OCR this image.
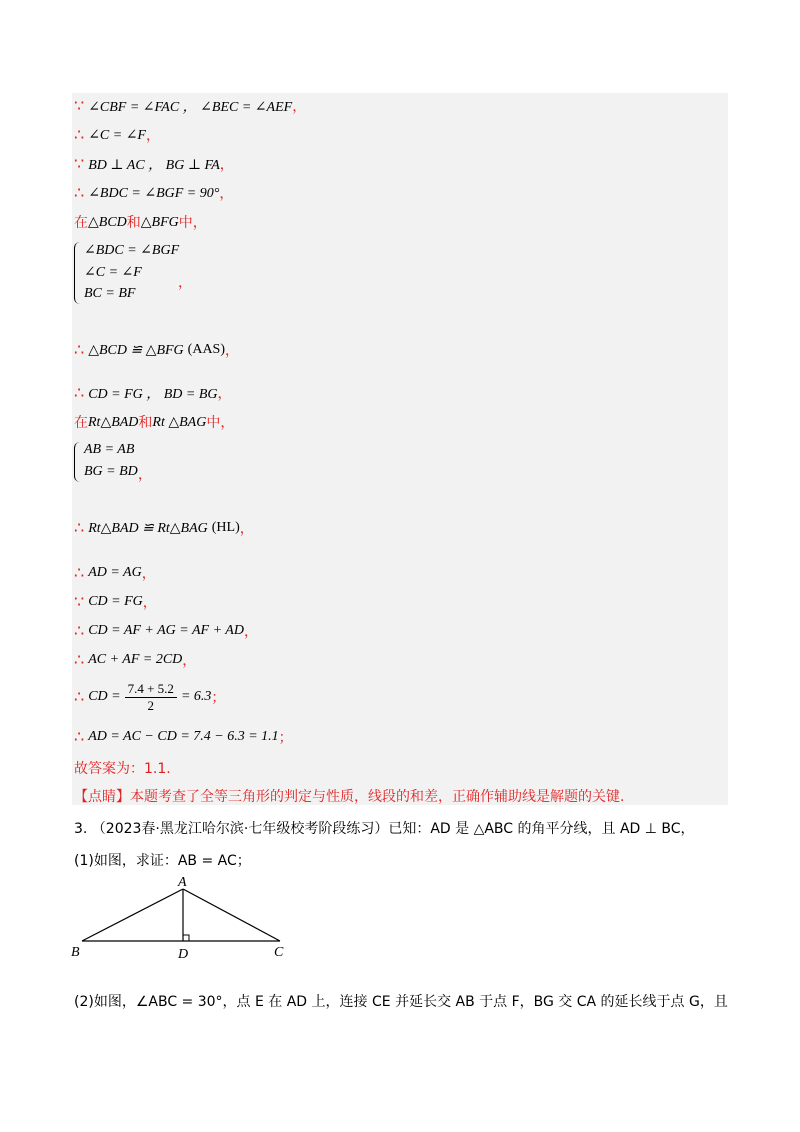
∵ ∠CBF = ∠FAC ， ∠BEC = ∠AEF ，
∴ ∠C = ∠F ，
∵ BD ⊥ AC ， BG ⊥ FA ，
∴ ∠BDC = ∠BGF = 90° ，
在 △BCD 和 △BFG 中，
∠BDC = ∠BGF
∠C = ∠F
BC = BF
，
∴ △BCD ≌ △BFG (AAS) ，
∴ CD = FG ， BD = BG ，
在 Rt△BAD 和 Rt △BAG 中，
AB = AB
BG = BD ，
∴ Rt△BAD ≌ Rt△BAG (HL) ，
∴ AD = AG ，
∵ CD = FG ，
∴ CD = AF + AG = AF + AD ，
∴ AC + AF = 2CD ，
∴ CD = $\frac{7.4 + 5.2}{2} = 6.3$ ；
∴ AD = AC − CD = 7.4 − 6.3 = 1.1 ；
故答案为：1.1.
【点睛】本题考查了全等三角形的判定与性质，线段的和差，正确作辅助线是解题的关键.
3. （2023春·黑龙江哈尔滨·七年级校考阶段练习）已知：AD 是 △ABC 的角平分线，且 AD ⊥ BC，
(1)如图，求证：AB = AC；
A
B	D	C
(2)如图，∠ABC = 30°，点 E 在 AD 上，连接 CE 并延长交 AB 于点 F，BG 交 CA 的延长线于点 G，且
